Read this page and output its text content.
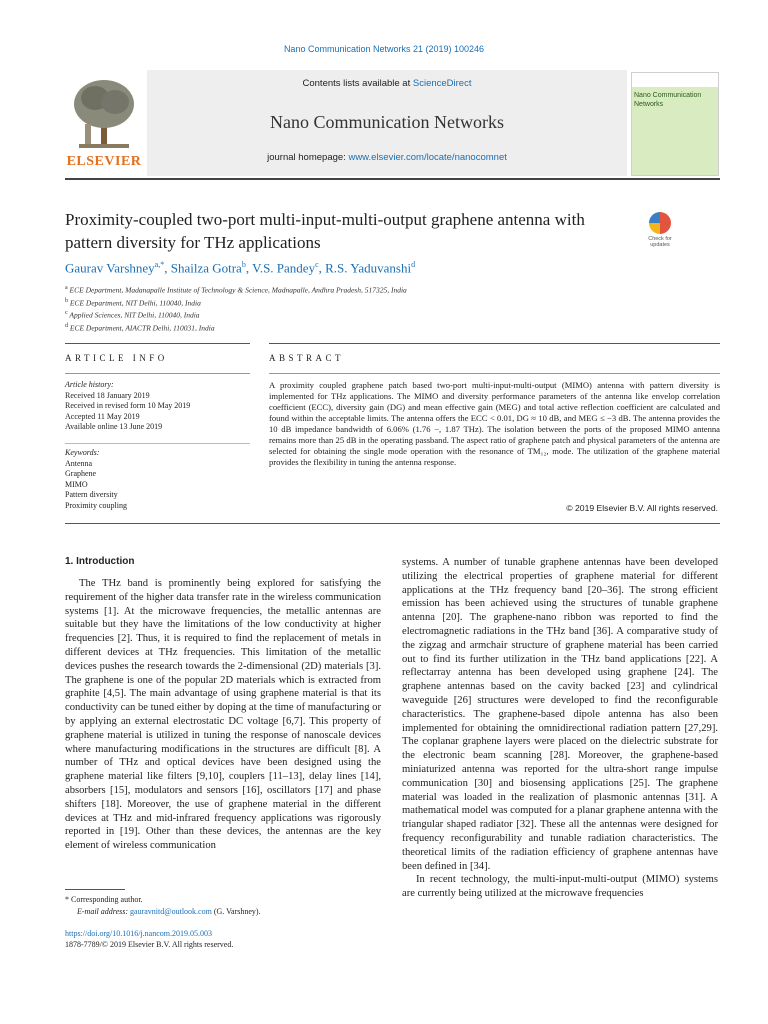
Nano Communication Networks 21 (2019) 100246
ELSEVIER
Contents lists available at ScienceDirect
Nano Communication Networks
journal homepage: www.elsevier.com/locate/nanocomnet
Nano Communication Networks
Proximity-coupled two-port multi-input-multi-output graphene antenna with pattern diversity for THz applications	Check for updates
Gaurav Varshney$^{a,*}$, Shailza Gotra$^b$, V.S. Pandey$^c$, R.S. Yaduvanshi$^d$
$^a$ ECE Department, Madanapalle Institute of Technology & Science, Madnapalle, Andhra Pradesh, 517325, India
$^b$ ECE Department, NIT Delhi, 110040, India
$^c$ Applied Sciences, NIT Delhi, 110040, India
$^d$ ECE Department, AIACTR Delhi, 110031, India
ARTICLE INFO	ABSTRACT
Article history:
Received 18 January 2019
Received in revised form 10 May 2019
Accepted 11 May 2019
Available online 13 June 2019
Keywords:
Antenna
Graphene
MIMO
Pattern diversity
Proximity coupling
A proximity coupled graphene patch based two-port multi-input-multi-output (MIMO) antenna with pattern diversity is implemented for THz applications. The MIMO and diversity performance parameters of the antenna like envelop correlation coefficient (ECC), diversity gain (DG) and mean effective gain (MEG) and total active reflection coefficient are calculated and found within the acceptable limits. The antenna offers the ECC < 0.01, DG ≈ 10 dB, and MEG ≤ −3 dB. The antenna provides the 10 dB impedance bandwidth of 6.06% (1.76 −, 1.87 THz). The isolation between the ports of the proposed MIMO antenna remains more than 25 dB in the operating passband. The aspect ratio of graphene patch and physical parameters of the antenna are selected for obtaining the single mode operation with the resonance of TM₁₂, mode. The utilization of the graphene material provides the flexibility in tuning the antenna response.
© 2019 Elsevier B.V. All rights reserved.
1. Introduction

The THz band is prominently being explored for satisfying the requirement of the higher data transfer rate in the wireless communication systems [1]. At the microwave frequencies, the metallic antennas are suitable but they have the limitations of the low conductivity at higher frequencies [2]. Thus, it is required to find the replacement of metals in different devices at THz frequencies. This limitation of the metallic devices pushes the research towards the 2-dimensional (2D) materials [3]. The graphene is one of the popular 2D materials which is extracted from graphite [4,5]. The main advantage of using graphene material is that its conductivity can be tuned either by doping at the time of manufacturing or by applying an external electrostatic DC voltage [6,7]. This property of graphene material is utilized in tuning the response of nanoscale devices where manufacturing modifications in the structures are difficult [8]. A number of THz and optical devices have been designed using the graphene material like filters [9,10], couplers [11–13], delay lines [14], absorbers [15], modulators and sensors [16], oscillators [17] and phase shifters [18]. Moreover, the use of graphene material in the different devices at THz and mid-infrared frequency applications was rigorously reported in [19]. Other than these devices, the antennas are the key element of wireless communication

systems. A number of tunable graphene antennas have been developed utilizing the electrical properties of graphene material for different applications at the THz frequency band [20–36]. The strong efficient emission has been achieved using the structures of tunable graphene antenna [20]. The graphene-nano ribbon was reported to find the electromagnetic radiations in the THz band [36]. A comparative study of the zigzag and armchair structure of graphene material has been carried out to find its further utilization in the THz band applications [22]. A reflectarray antenna has been developed using graphene [24]. The graphene antennas based on the cavity backed [23] and cylindrical waveguide [26] structures were developed to find the reconfigurable characteristics. The graphene-based dipole antenna has also been implemented for obtaining the omnidirectional radiation pattern [27,29]. The coplanar graphene layers were placed on the dielectric substrate for the electronic beam scanning [28]. Moreover, the graphene-based miniaturized antenna was reported for the ultra-short range impulse communication [30] and biosensing applications [25]. The graphene material was loaded in the realization of plasmonic antennas [31]. A mathematical model was computed for a planar graphene antenna with the triangular shaped radiator [32]. These all the antennas were designed for frequency reconfigurability and tunable radiation characteristics. The theoretical limits of the radiation efficiency of graphene antennas have been defined in [34].

In recent technology, the multi-input-multi-output (MIMO) systems are currently being utilized at the microwave frequencies

* Corresponding author.
E-mail address: gauravnitd@outlook.com (G. Varshney).
https://doi.org/10.1016/j.nancom.2019.05.003
1878-7789/© 2019 Elsevier B.V. All rights reserved.
